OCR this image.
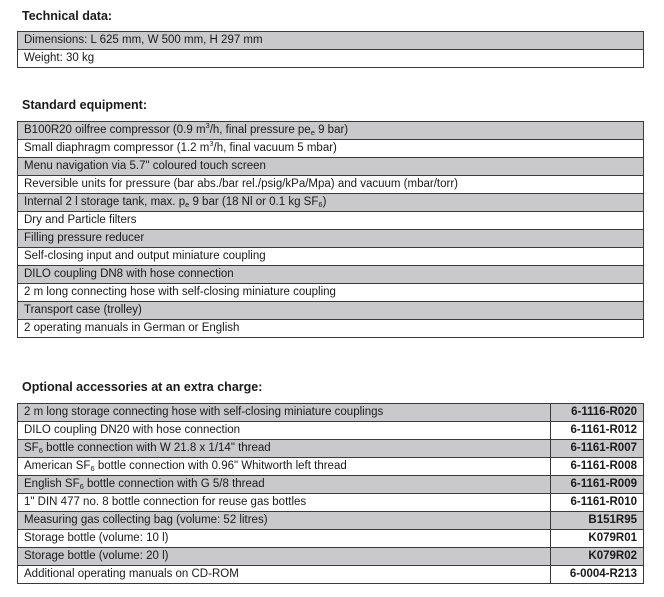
Technical data:
Dimensions: L 625 mm, W 500 mm, H 297 mm
Weight: 30 kg
Standard equipment:
B100R20 oilfree compressor (0.9 $m^3/h$, final pressure $pe_e$ 9 bar)
Small diaphragm compressor (1.2 $m^3/h$, final vacuum 5 mbar)
Menu navigation via 5.7" coloured touch screen
Reversible units for pressure (bar abs./bar rel./psig/kPa/Mpa) and vacuum (mbar/torr)
Internal 2 l storage tank, max. $p_e$ 9 bar (18 Nl or 0.1 kg $SF_6$)
Dry and Particle filters
Filling pressure reducer
Self-closing input and output miniature coupling
DILO coupling DN8 with hose connection
2 m long connecting hose with self-closing miniature coupling
Transport case (trolley)
2 operating manuals in German or English
Optional accessories at an extra charge:
2 m long storage connecting hose with self-closing miniature couplings	6-1116-R020
DILO coupling DN20 with hose connection	6-1161-R012
$SF_6$ bottle connection with W 21.8 x 1/14" thread	6-1161-R007
American $SF_6$ bottle connection with 0.96" Whitworth left thread	6-1161-R008
English $SF_6$ bottle connection with G 5/8 thread	6-1161-R009
1" DIN 477 no. 8 bottle connection for reuse gas bottles	6-1161-R010
Measuring gas collecting bag (volume: 52 litres)	B151R95
Storage bottle (volume: 10 l)	K079R01
Storage bottle (volume: 20 l)	K079R02
Additional operating manuals on CD-ROM	6-0004-R213
